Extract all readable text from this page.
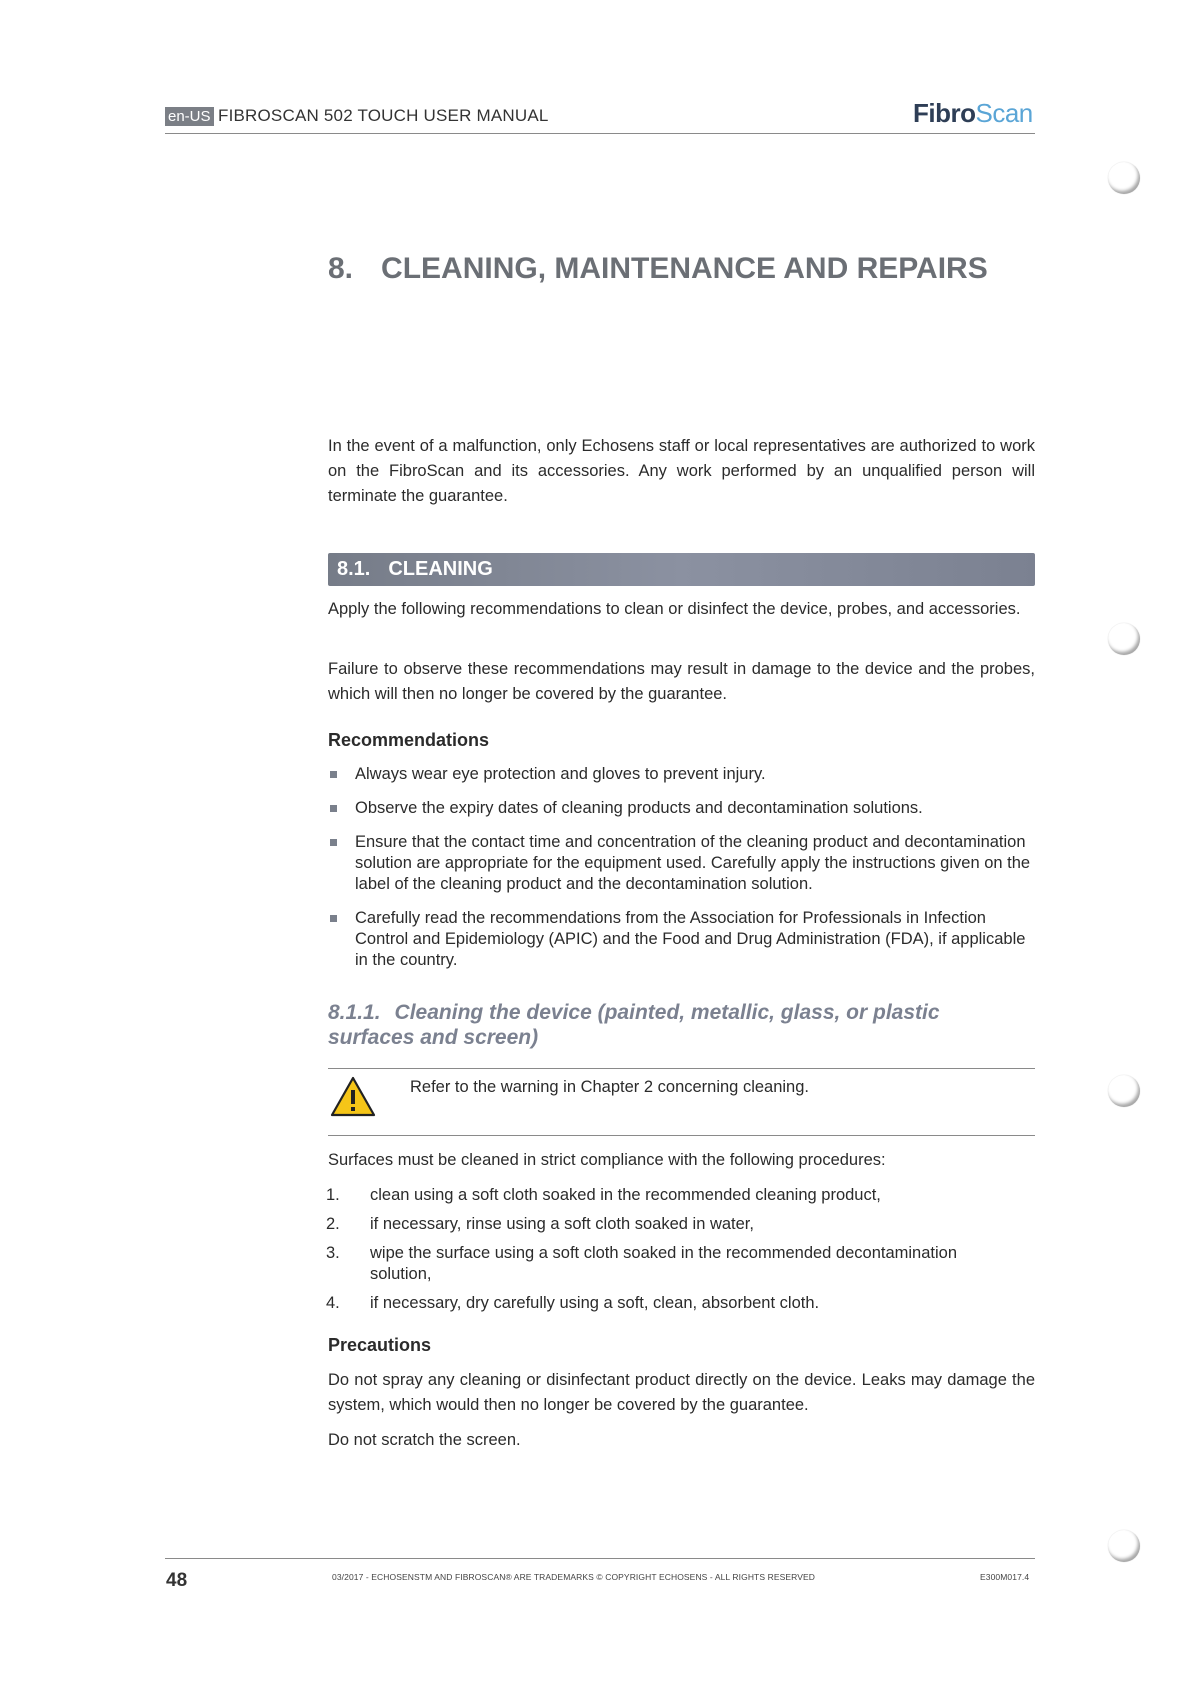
en-US FIBROSCAN 502 TOUCH USER MANUAL	FibroScan
8. CLEANING, MAINTENANCE AND REPAIRS

In the event of a malfunction, only Echosens staff or local representatives are authorized to work on the FibroScan and its accessories. Any work performed by an unqualified person will terminate the guarantee.

8.1. CLEANING

Apply the following recommendations to clean or disinfect the device, probes, and accessories.

Failure to observe these recommendations may result in damage to the device and the probes, which will then no longer be covered by the guarantee.

Recommendations
Always wear eye protection and gloves to prevent injury.
Observe the expiry dates of cleaning products and decontamination solutions.
Ensure that the contact time and concentration of the cleaning product and decontamination solution are appropriate for the equipment used. Carefully apply the instructions given on the label of the cleaning product and the decontamination solution.
Carefully read the recommendations from the Association for Professionals in Infection Control and Epidemiology (APIC) and the Food and Drug Administration (FDA), if applicable in the country.
8.1.1. Cleaning the device (painted, metallic, glass, or plastic surfaces and screen)
Refer to the warning in Chapter 2 concerning cleaning.
Surfaces must be cleaned in strict compliance with the following procedures:
1. clean using a soft cloth soaked in the recommended cleaning product,
2. if necessary, rinse using a soft cloth soaked in water,
3. wipe the surface using a soft cloth soaked in the recommended decontamination solution,
4. if necessary, dry carefully using a soft, clean, absorbent cloth.
Precautions

Do not spray any cleaning or disinfectant product directly on the device. Leaks may damage the system, which would then no longer be covered by the guarantee.

Do not scratch the screen.

48	03/2017 - ECHOSENSTM AND FIBROSCAN® ARE TRADEMARKS © COPYRIGHT ECHOSENS - ALL RIGHTS RESERVED	E300M017.4
